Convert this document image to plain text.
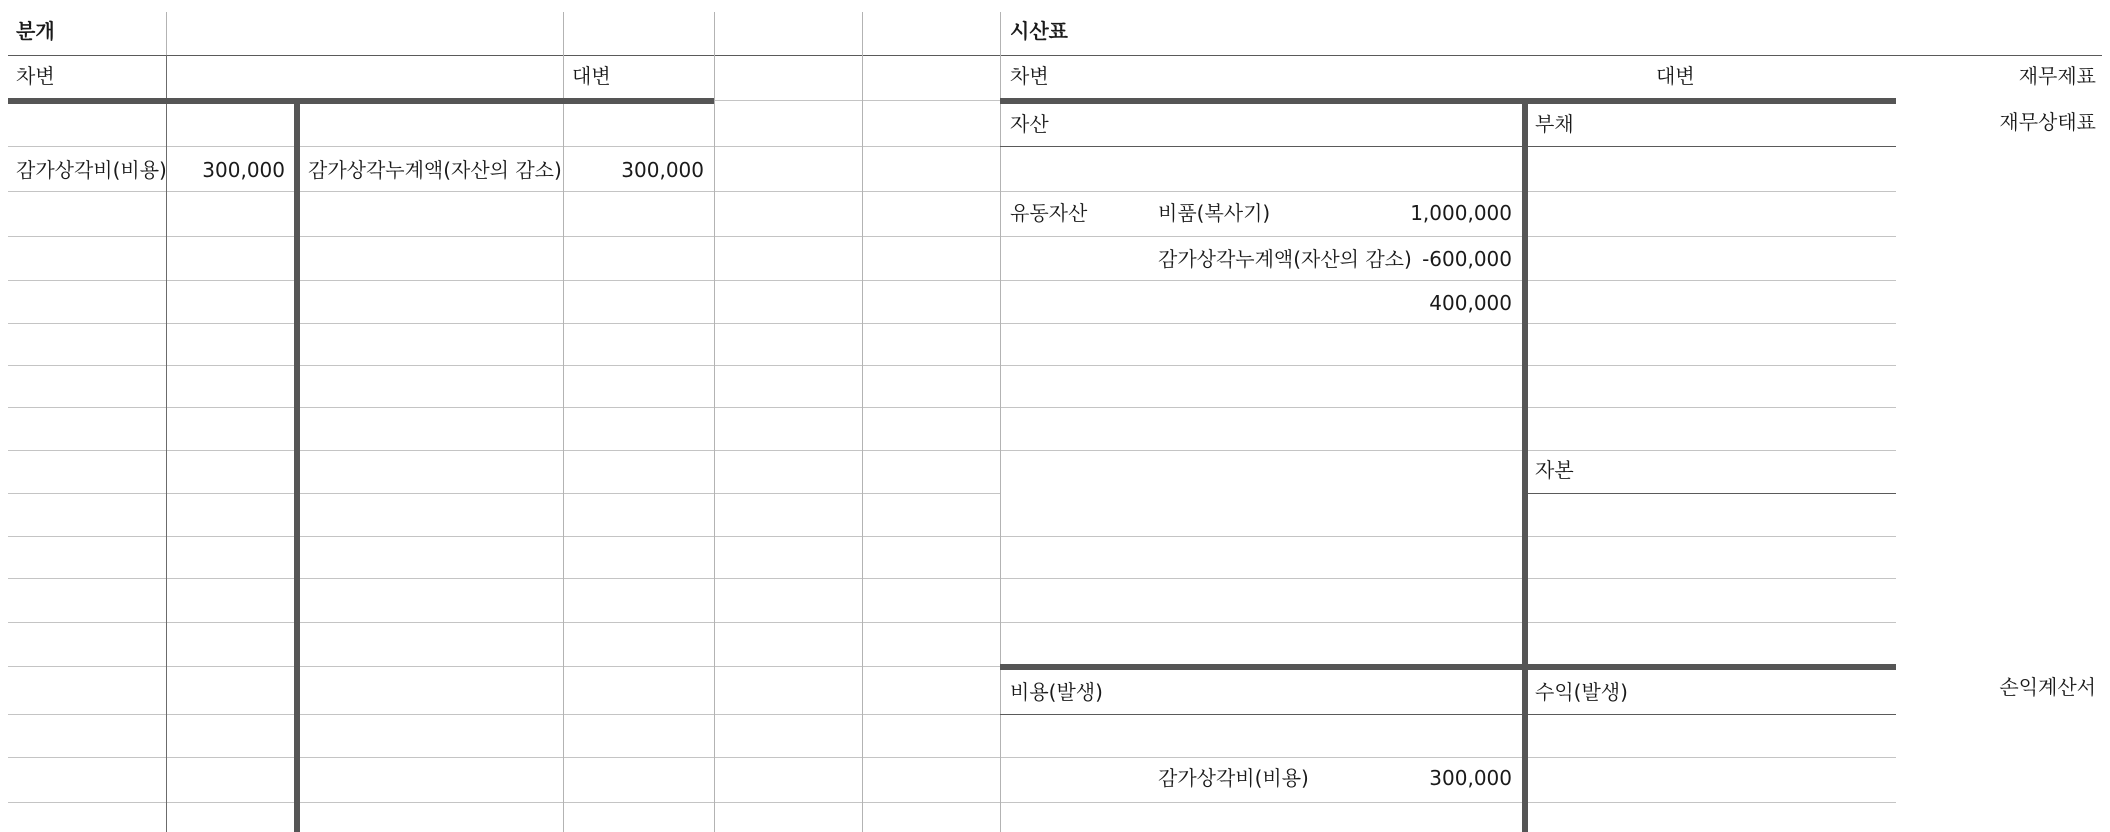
분개
차변	대변
감가상각비(비용)	300,000 감가상각누계액(자산의 감소)	300,000
시산표
차변	대변	재무제표
자산	부채	재무상태표
유동자산	비품(복사기)	1,000,000
감가상각누계액(자산의 감소) -600,000
400,000
자본
비용(발생)	수익(발생)	손익계산서
감가상각비(비용)	300,000
